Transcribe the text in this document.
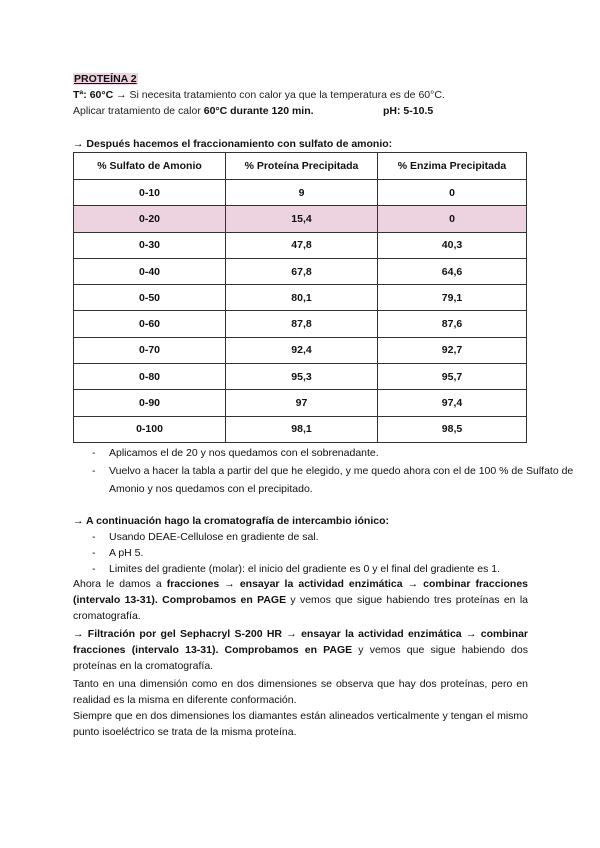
PROTEÍNA 2
Tª: 60°C → Si necesita tratamiento con calor ya que la temperatura es de 60°C.
Aplicar tratamiento de calor 60°C durante 120 min.	pH: 5-10.5
→ Después hacemos el fraccionamiento con sulfato de amonio:
% Sulfato de Amonio	% Proteína Precipitada	% Enzima Precipitada
0-10	9	0
0-20	15,4	0
0-30	47,8	40,3
0-40	67,8	64,6
0-50	80,1	79,1
0-60	87,8	87,6
0-70	92,4	92,7
0-80	95,3	95,7
0-90	97	97,4
0-100	98,1	98,5
- Aplicamos el de 20 y nos quedamos con el sobrenadante.
- Vuelvo a hacer la tabla a partir del que he elegido, y me quedo ahora con el de 100 % de Sulfato de
Amonio y nos quedamos con el precipitado.
→ A continuación hago la cromatografía de intercambio iónico:
- Usando DEAE-Cellulose en gradiente de sal.
- A pH 5.
- Limites del gradiente (molar): el inicio del gradiente es 0 y el final del gradiente es 1.
Ahora le damos a fracciones → ensayar la actividad enzimática → combinar fracciones (intervalo 13-31). Comprobamos en PAGE y vemos que sigue habiendo tres proteínas en la cromatografía.
→ Filtración por gel Sephacryl S-200 HR → ensayar la actividad enzimática → combinar fracciones (intervalo 13-31). Comprobamos en PAGE y vemos que sigue habiendo dos proteínas en la cromatografía.
Tanto en una dimensión como en dos dimensiones se observa que hay dos proteínas, pero en realidad es la misma en diferente conformación.
Siempre que en dos dimensiones los diamantes están alineados verticalmente y tengan el mismo punto isoeléctrico se trata de la misma proteína.
